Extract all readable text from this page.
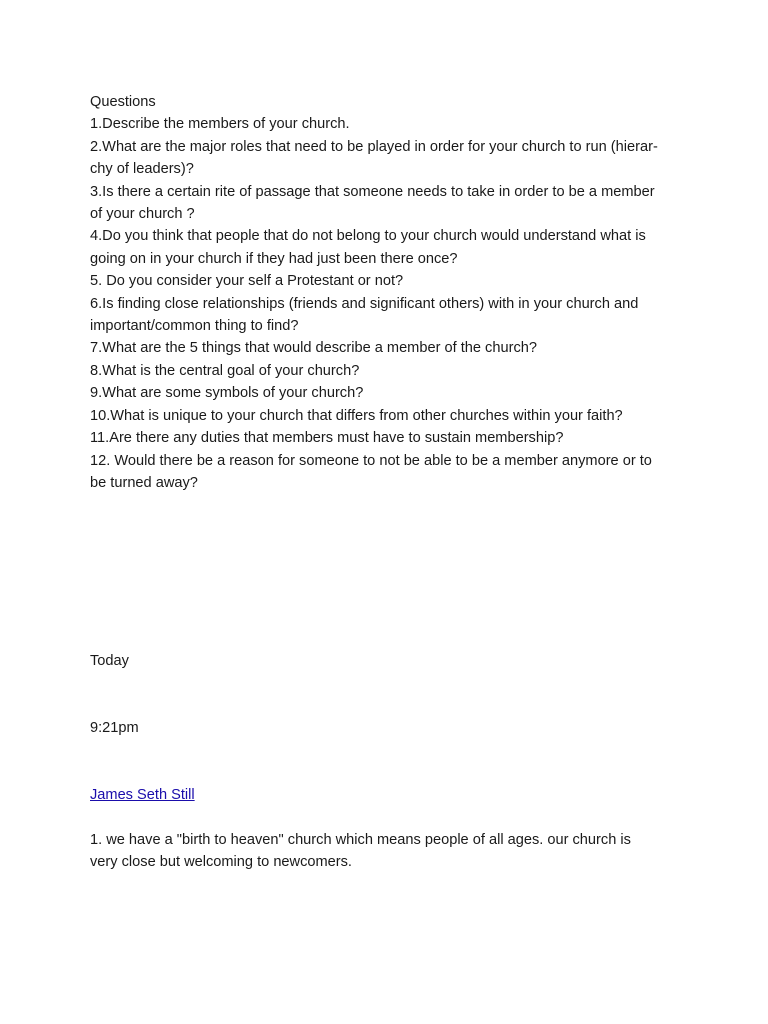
Questions
1.Describe the members of your church.
2.What are the major roles that need to be played in order for your church to run (hierar-
chy of leaders)?
3.Is there a certain rite of passage that someone needs to take in order to be a member
of your church ?
4.Do you think that people that do not belong to your church would understand what is
going on in your church if they had just been there once?
5. Do you consider your self a Protestant or not?
6.Is finding close relationships (friends and significant others) with in your church and
important/common thing to find?
7.What are the 5 things that would describe a member of the church?
8.What is the central goal of your church?
9.What are some symbols of your church?
10.What is unique to your church that differs from other churches within your faith?
11.Are there any duties that members must have to sustain membership?
12. Would there be a reason for someone to not be able to be a member anymore or to
be turned away?
Today
9:21pm
James Seth Still
1. we have a "birth to heaven" church which means people of all ages. our church is
very close but welcoming to newcomers.
